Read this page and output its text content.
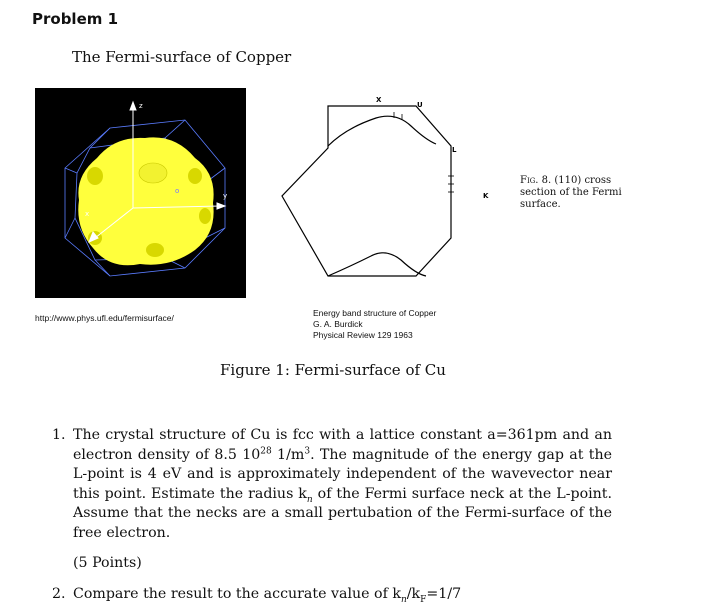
Problem 1
The Fermi-surface of Copper
z
y
x
o
http://www.phys.ufl.edu/fermisurface/
X
U
L
K
Fig. 8. (110) cross section of the Fermi surface.
Energy band structure of Copper
G. A. Burdick
Physical Review 129 1963
Figure 1: Fermi-surface of Cu
1. The crystal structure of Cu is fcc with a lattice constant a=361pm and an electron density of 8.5 $10^{28}$ $1/m^3$. The magnitude of the energy gap at the L-point is 4 eV and is approximately independent of the wavevector near this point. Estimate the radius $k_n$ of the Fermi surface neck at the L-point. Assume that the necks are a small pertubation of the Fermi-surface of the free electron.
(5 Points)
2. Compare the result to the accurate value of $k_n/k_F=1/7$
